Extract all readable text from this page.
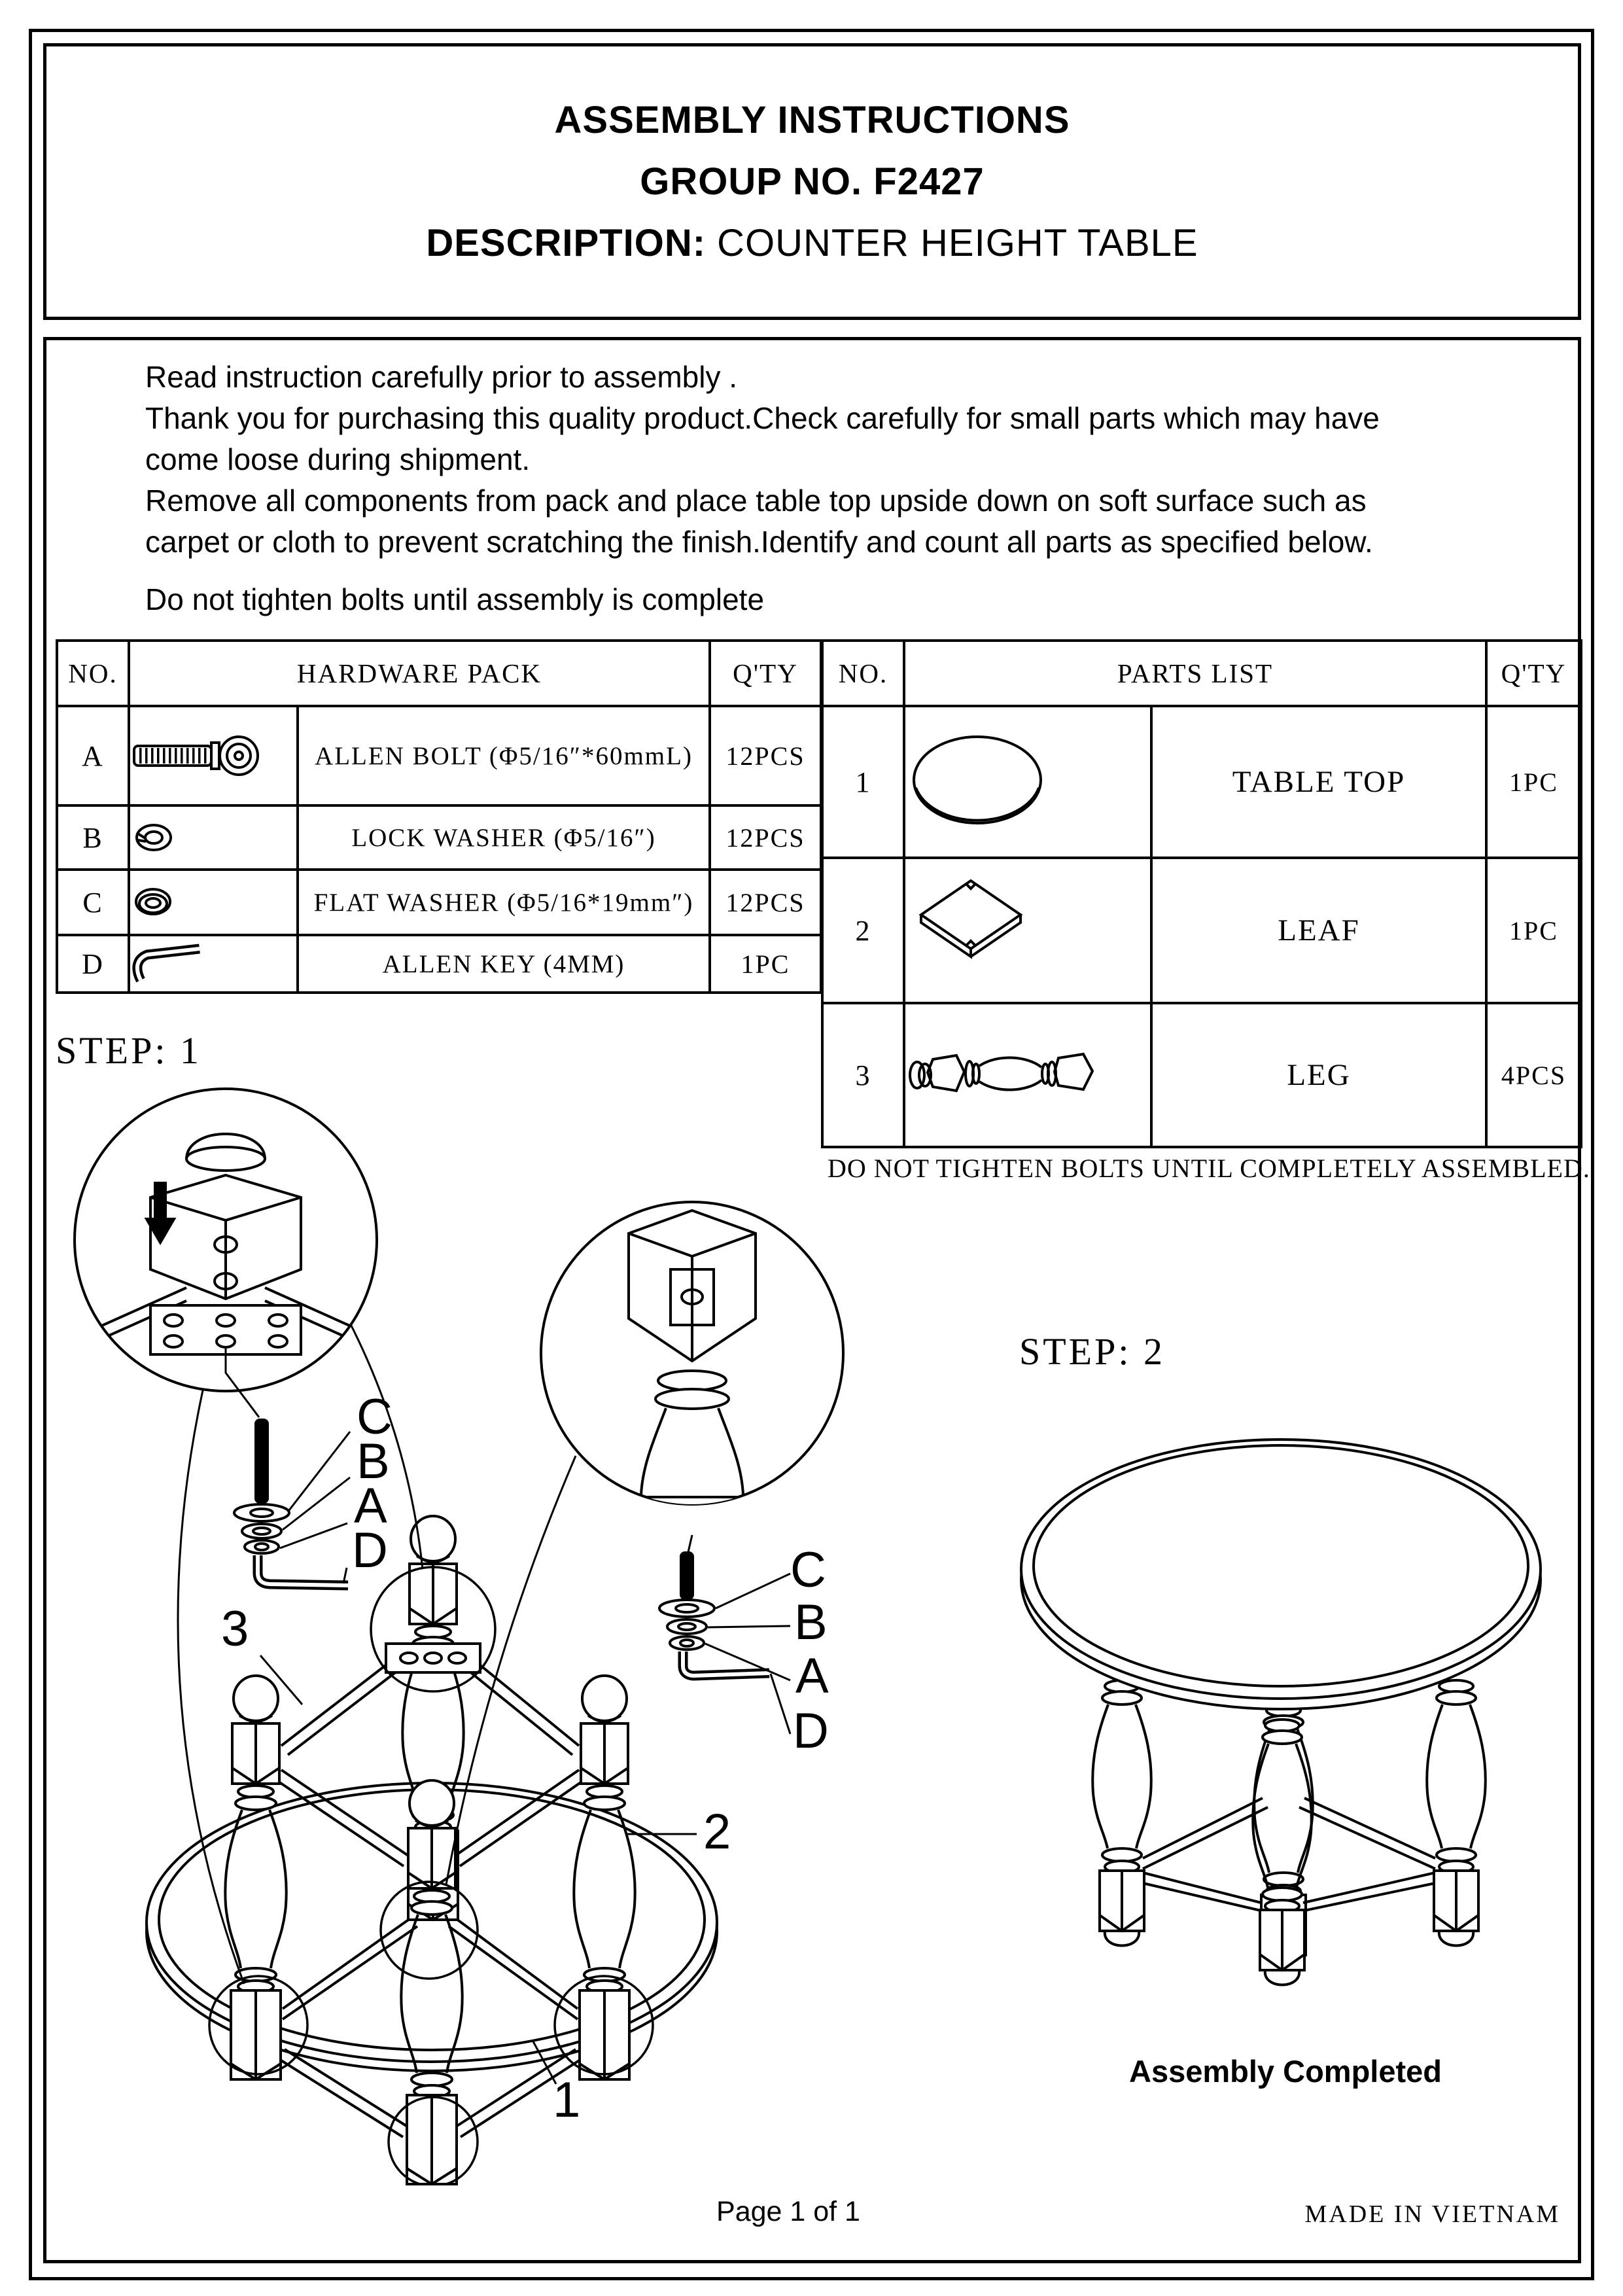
ASSEMBLY INSTRUCTIONS
GROUP NO. F2427
DESCRIPTION: COUNTER HEIGHT TABLE
Read instruction carefully prior to assembly .
Thank you for purchasing this quality product.Check carefully for small parts which may have
come loose during shipment.
Remove all components from pack and place table top upside down on soft surface such as
carpet or cloth to prevent scratching the finish.Identify and count all parts as specified below.
Do not tighten bolts until assembly is complete
NO.	HARDWARE PACK		Q'TY
A		ALLEN BOLT (Φ5/16″*60mmL)	12PCS
B		LOCK WASHER (Φ5/16″)	12PCS
C		FLAT WASHER (Φ5/16*19mm″)	12PCS
D		ALLEN KEY (4MM)	1PC
NO.	PARTS LIST		Q'TY
1		TABLE TOP	1PC
2		LEAF	1PC
3		LEG	4PCS
DO NOT TIGHTEN BOLTS UNTIL COMPLETELY ASSEMBLED.
STEP: 1
STEP: 2
C
B
A
D	C
B
A
D
3
2
1
Assembly Completed
Page 1 of 1	MADE IN VIETNAM
